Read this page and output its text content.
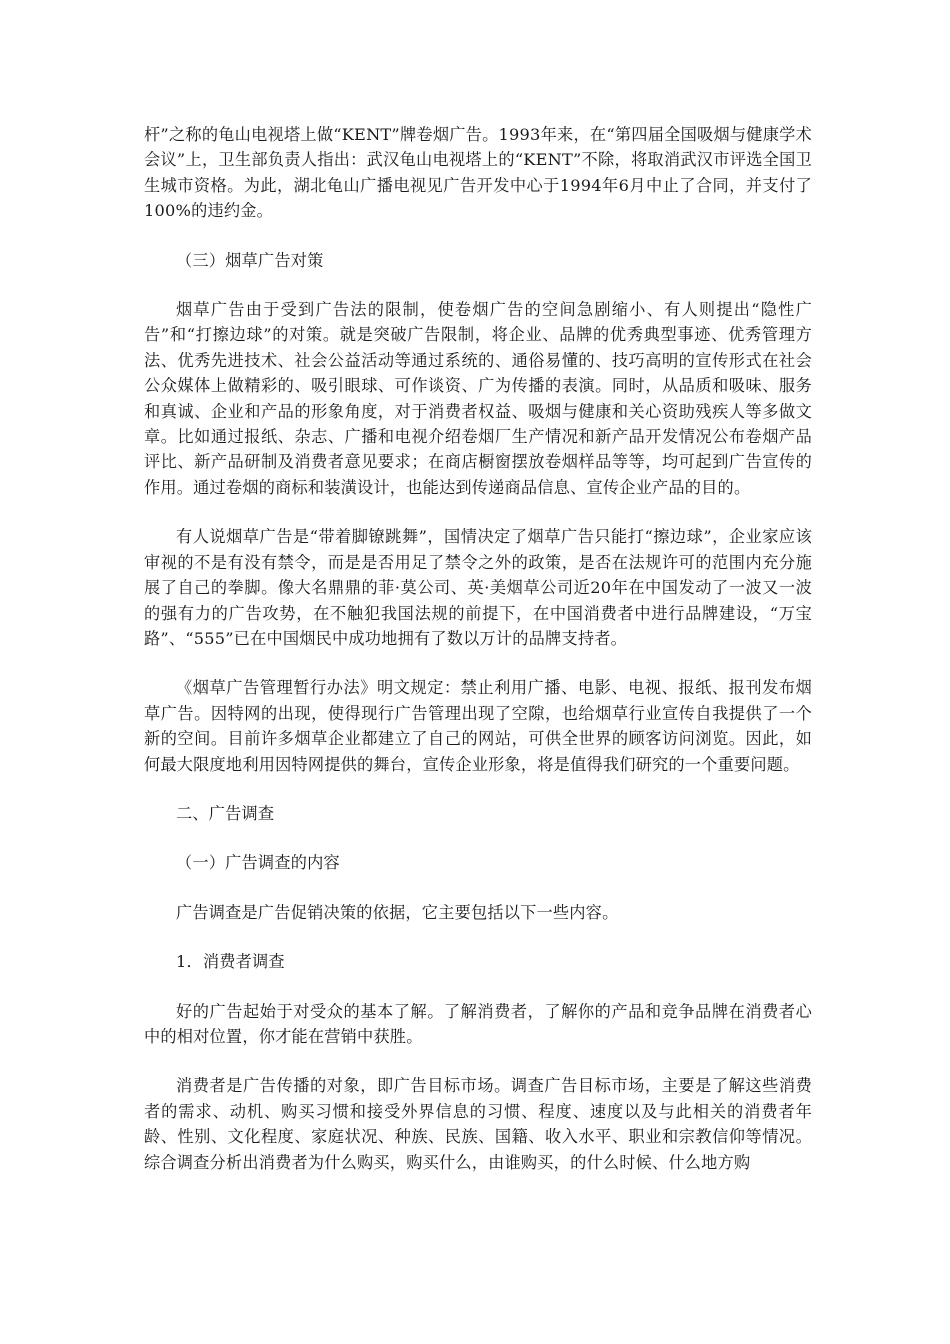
杆”之称的龟山电视塔上做“KENT”牌卷烟广告。1993年来，在“第四届全国吸烟与健康学术会议”上，卫生部负责人指出：武汉龟山电视塔上的“KENT”不除，将取消武汉市评选全国卫生城市资格。为此，湖北龟山广播电视见广告开发中心于1994年6月中止了合同，并支付了100%的违约金。

（三）烟草广告对策

烟草广告由于受到广告法的限制，使卷烟广告的空间急剧缩小、有人则提出“隐性广告”和“打擦边球”的对策。就是突破广告限制，将企业、品牌的优秀典型事迹、优秀管理方法、优秀先进技术、社会公益活动等通过系统的、通俗易懂的、技巧高明的宣传形式在社会公众媒体上做精彩的、吸引眼球、可作谈资、广为传播的表演。同时，从品质和吸味、服务和真诚、企业和产品的形象角度，对于消费者权益、吸烟与健康和关心资助残疾人等多做文章。比如通过报纸、杂志、广播和电视介绍卷烟厂生产情况和新产品开发情况公布卷烟产品评比、新产品研制及消费者意见要求；在商店橱窗摆放卷烟样品等等，均可起到广告宣传的作用。通过卷烟的商标和装潢设计，也能达到传递商品信息、宣传企业产品的目的。

有人说烟草广告是“带着脚镣跳舞”，国情决定了烟草广告只能打“擦边球”，企业家应该审视的不是有没有禁令，而是是否用足了禁令之外的政策，是否在法规许可的范围内充分施展了自己的拳脚。像大名鼎鼎的菲·莫公司、英·美烟草公司近20年在中国发动了一波又一波的强有力的广告攻势，在不触犯我国法规的前提下，在中国消费者中进行品牌建设，“万宝路”、“555”已在中国烟民中成功地拥有了数以万计的品牌支持者。

《烟草广告管理暂行办法》明文规定：禁止利用广播、电影、电视、报纸、报刊发布烟草广告。因特网的出现，使得现行广告管理出现了空隙，也给烟草行业宣传自我提供了一个新的空间。目前许多烟草企业都建立了自己的网站，可供全世界的顾客访问浏览。因此，如何最大限度地利用因特网提供的舞台，宣传企业形象，将是值得我们研究的一个重要问题。

二、广告调查

（一）广告调查的内容

广告调查是广告促销决策的依据，它主要包括以下一些内容。

1．消费者调查

好的广告起始于对受众的基本了解。了解消费者，了解你的产品和竞争品牌在消费者心中的相对位置，你才能在营销中获胜。

消费者是广告传播的对象，即广告目标市场。调查广告目标市场，主要是了解这些消费者的需求、动机、购买习惯和接受外界信息的习惯、程度、速度以及与此相关的消费者年龄、性别、文化程度、家庭状况、种族、民族、国籍、收入水平、职业和宗教信仰等情况。综合调查分析出消费者为什么购买，购买什么，由谁购买，的什么时候、什么地方购
